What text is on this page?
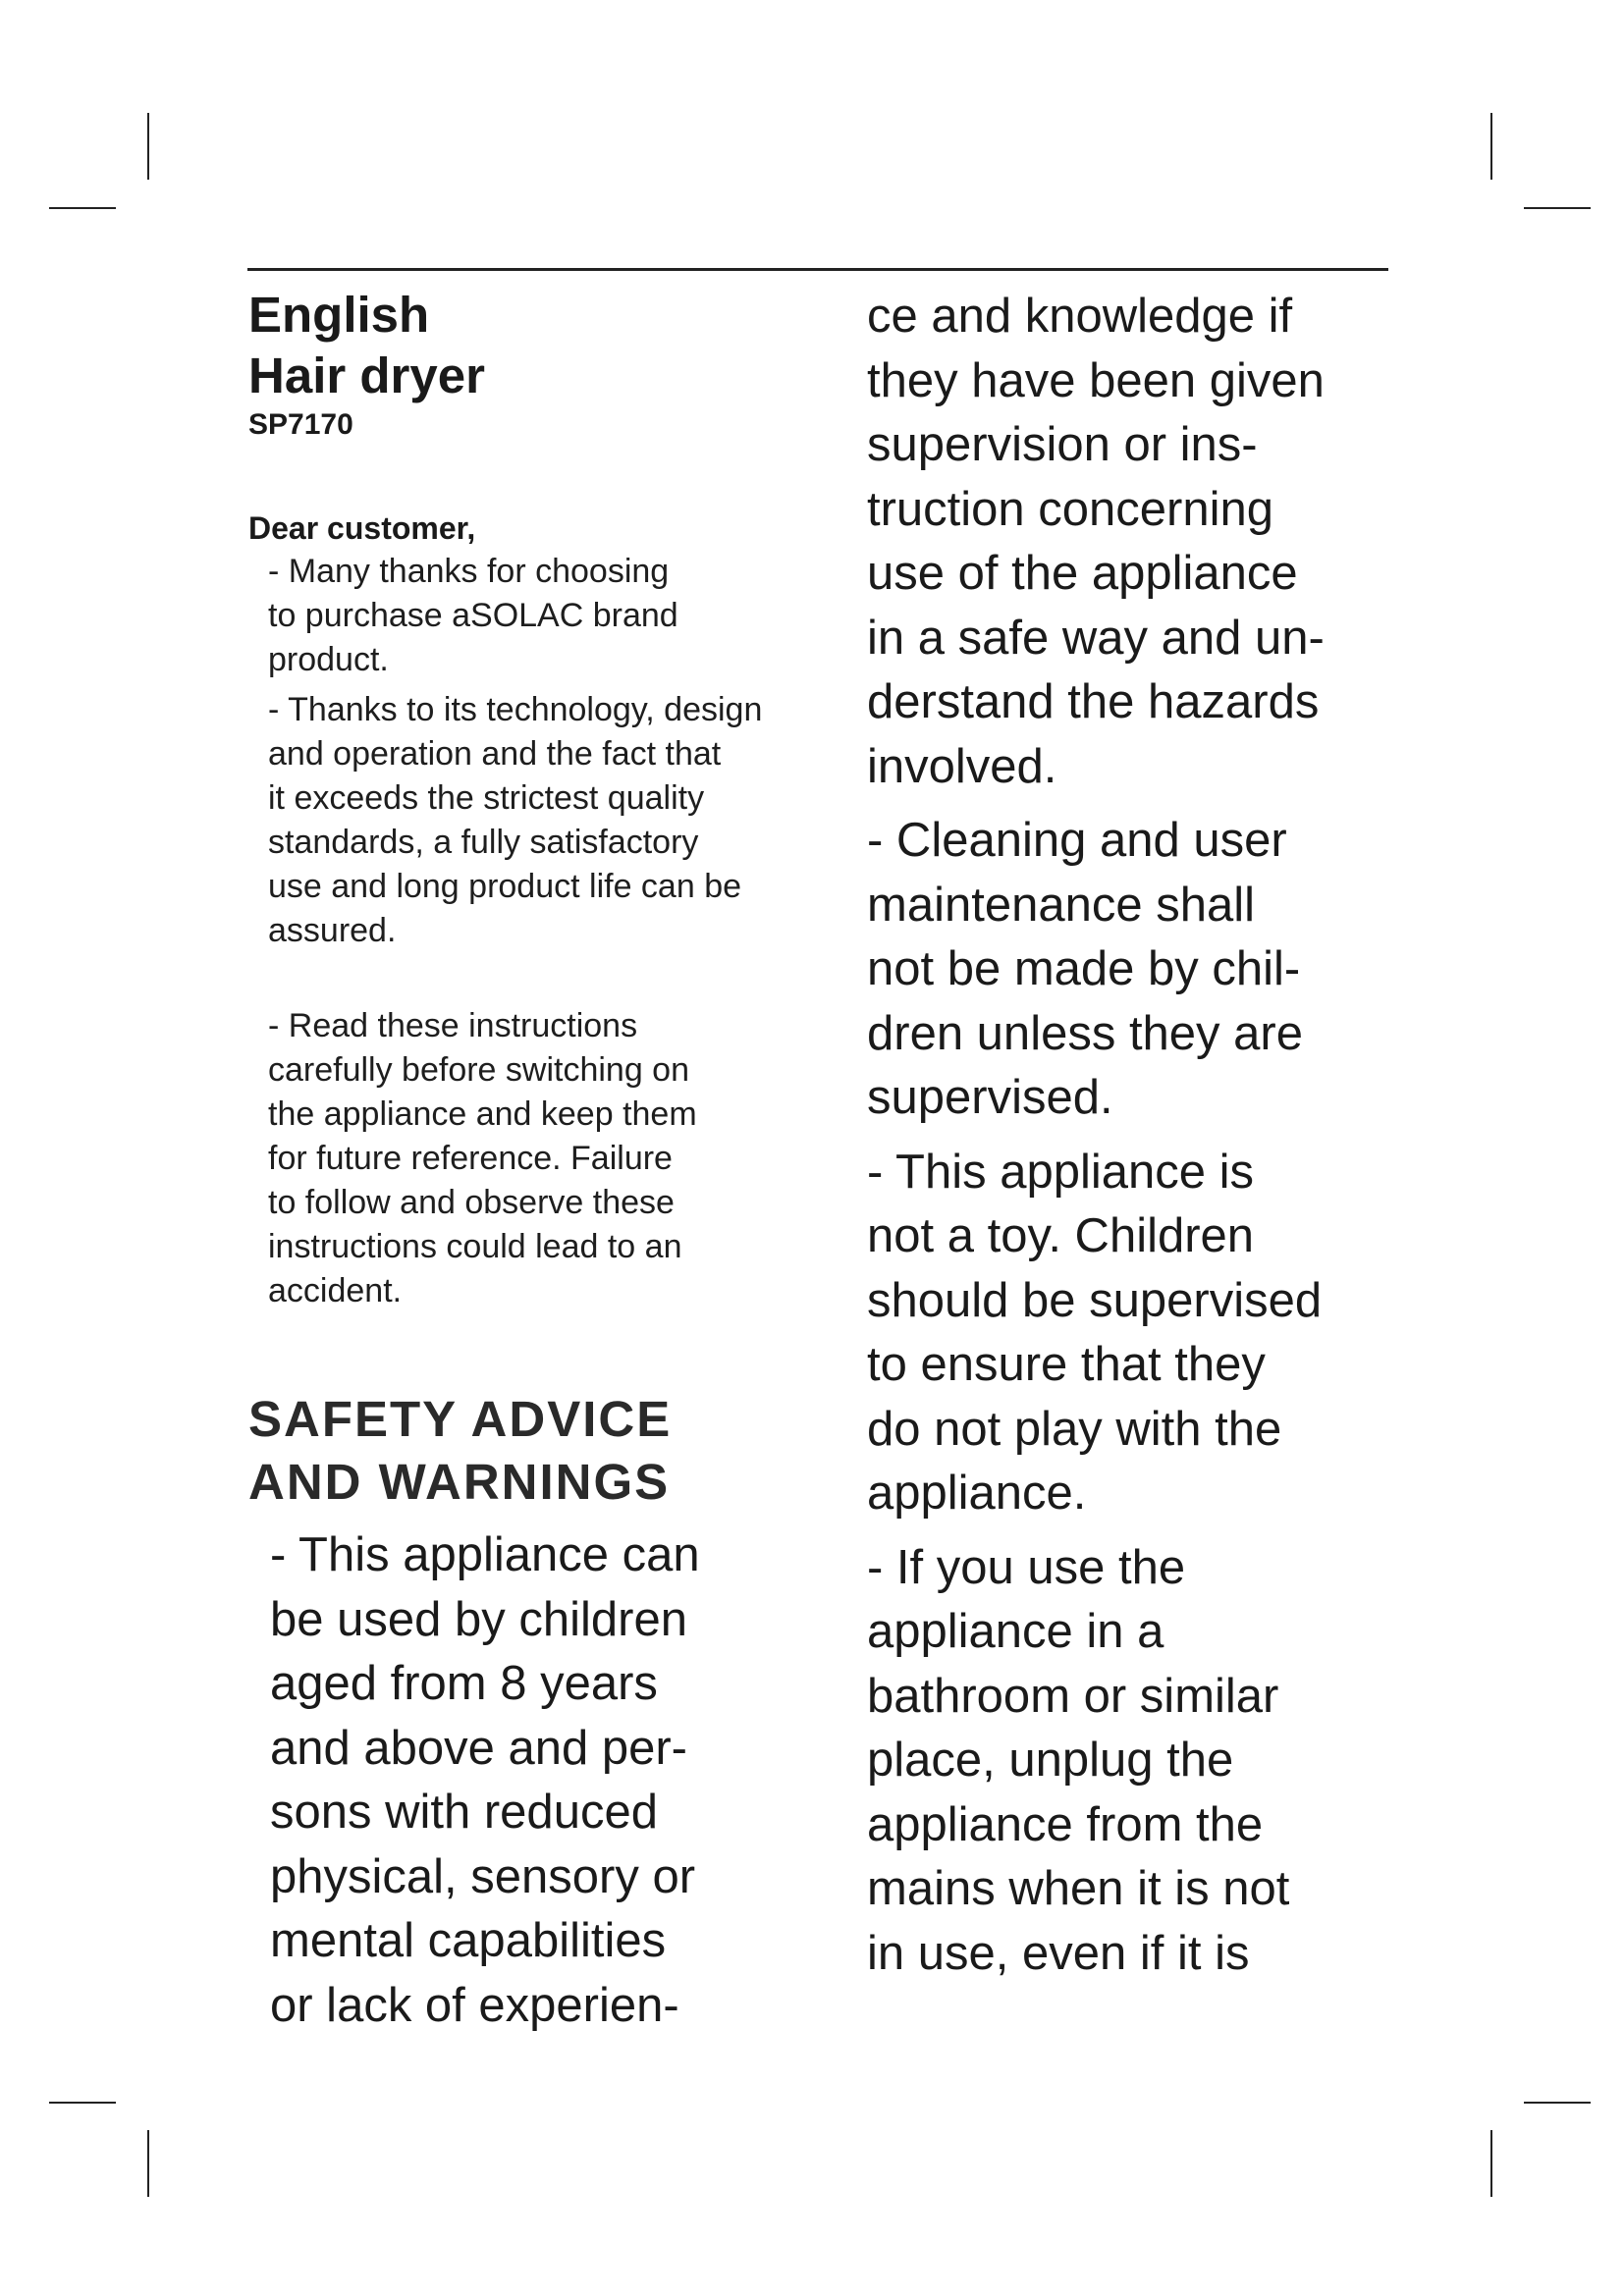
English
Hair dryer
SP7170
Dear customer,

- Many thanks for choosing
to purchase aSOLAC brand
product.

- Thanks to its technology, design
and operation and the fact that
it exceeds the strictest quality
standards, a fully satisfactory
use and long product life can be
assured.

- Read these instructions
carefully before switching on
the appliance and keep them
for future reference. Failure
to follow and observe these
instructions could lead to an
accident.

SAFETY ADVICE
AND WARNINGS

- This appliance can
be used by children
aged from 8 years
and above and per-
sons with reduced
physical, sensory or
mental capabilities
or lack of experien-

ce and knowledge if
they have been given
supervision or ins-
truction concerning
use of the appliance
in a safe way and un-
derstand the hazards
involved.

- Cleaning and user
maintenance shall
not be made by chil-
dren unless they are
supervised.

- This appliance is
not a toy. Children
should be supervised
to ensure that they
do not play with the
appliance.

- If you use the
appliance in a
bathroom or similar
place, unplug the
appliance from the
mains when it is not
in use, even if it is
